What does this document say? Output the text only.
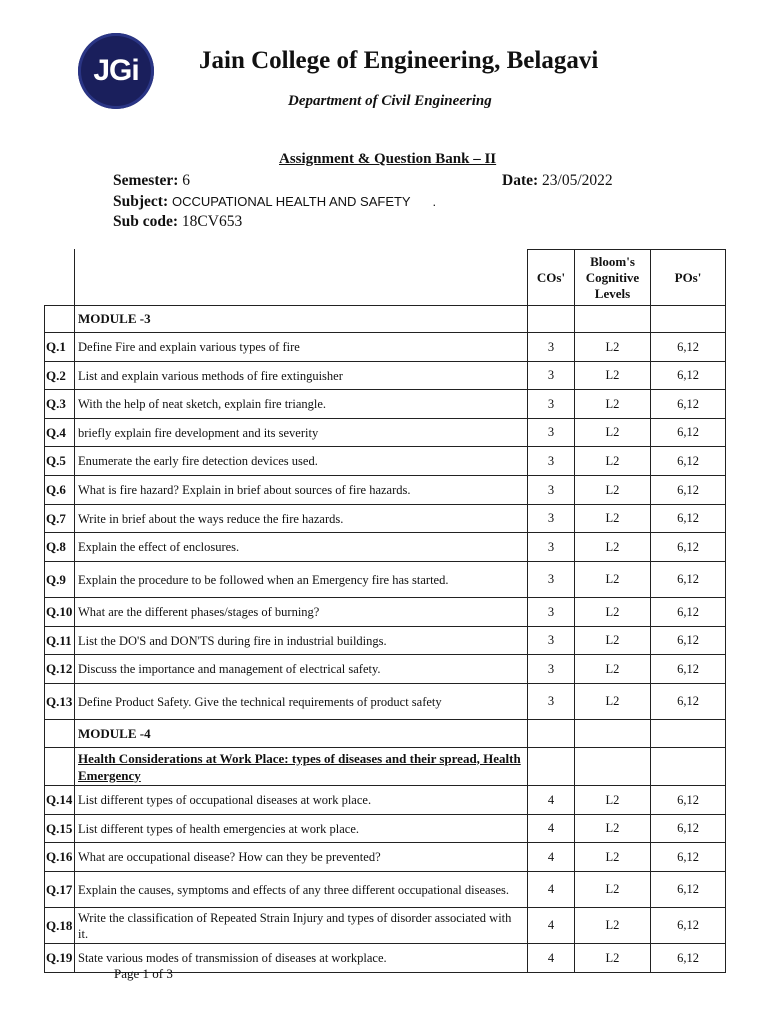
JGi Jain College of Engineering, Belagavi
Department of Civil Engineering
Assignment & Question Bank – II
Semester: 6	Date: 23/05/2022
Subject: OCCUPATIONAL HEALTH AND SAFETY .
Sub code: 18CV653
		COs'	Bloom's Cognitive Levels	POs'
	MODULE -3			
Q.1	Define Fire and explain various types of fire	3	L2	6,12
Q.2	List and explain various methods of fire extinguisher	3	L2	6,12
Q.3	With the help of neat sketch, explain fire triangle.	3	L2	6,12
Q.4	briefly explain fire development and its severity	3	L2	6,12
Q.5	Enumerate the early fire detection devices used.	3	L2	6,12
Q.6	What is fire hazard? Explain in brief about sources of fire hazards.	3	L2	6,12
Q.7	Write in brief about the ways reduce the fire hazards.	3	L2	6,12
Q.8	Explain the effect of enclosures.	3	L2	6,12
Q.9	Explain the procedure to be followed when an Emergency fire has started.	3	L2	6,12
Q.10	What are the different phases/stages of burning?	3	L2	6,12
Q.11	List the DO'S and DON'TS during fire in industrial buildings.	3	L2	6,12
Q.12	Discuss the importance and management of electrical safety.	3	L2	6,12
Q.13	Define Product Safety. Give the technical requirements of product safety	3	L2	6,12
	MODULE -4			
	Health Considerations at Work Place: types of diseases and their spread, Health Emergency			
Q.14	List different types of occupational diseases at work place.	4	L2	6,12
Q.15	List different types of health emergencies at work place.	4	L2	6,12
Q.16	What are occupational disease? How can they be prevented?	4	L2	6,12
Q.17	Explain the causes, symptoms and effects of any three different occupational diseases.	4	L2	6,12
Q.18	Write the classification of Repeated Strain Injury and types of disorder associated with it.	4	L2	6,12
Q.19	State various modes of transmission of diseases at workplace.	4	L2	6,12
Page 1 of 3
